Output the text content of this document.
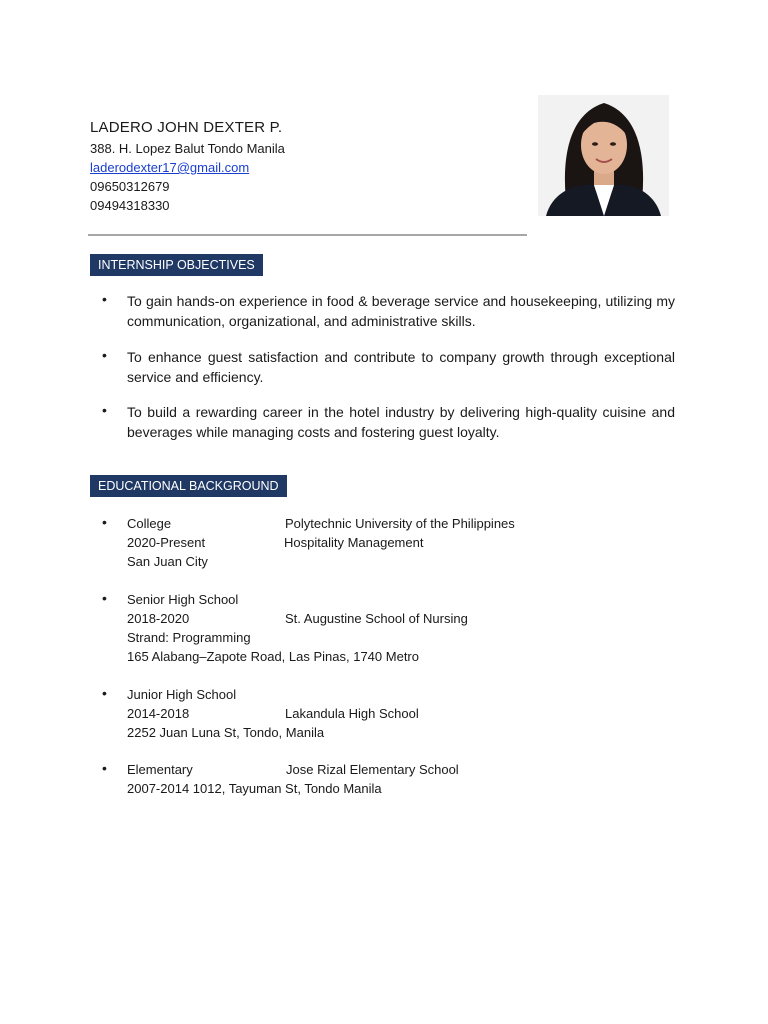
LADERO JOHN DEXTER P.
388. H. Lopez Balut Tondo Manila
laderodexter17@gmail.com
09650312679
09494318330
INTERNSHIP OBJECTIVES
• To gain hands-on experience in food & beverage service and housekeeping, utilizing my communication, organizational, and administrative skills.
• To enhance guest satisfaction and contribute to company growth through exceptional service and efficiency.
• To build a rewarding career in the hotel industry by delivering high-quality cuisine and beverages while managing costs and fostering guest loyalty.
EDUCATIONAL BACKGROUND
• College	Polytechnic University of the Philippines
2020-Present	Hospitality Management
San Juan City
• Senior High School
2018-2020	St. Augustine School of Nursing
Strand: Programming
165 Alabang–Zapote Road, Las Pinas, 1740 Metro
• Junior High School
2014-2018	Lakandula High School
2252 Juan Luna St, Tondo, Manila
• Elementary	Jose Rizal Elementary School
2007-2014 1012, Tayuman St, Tondo Manila
